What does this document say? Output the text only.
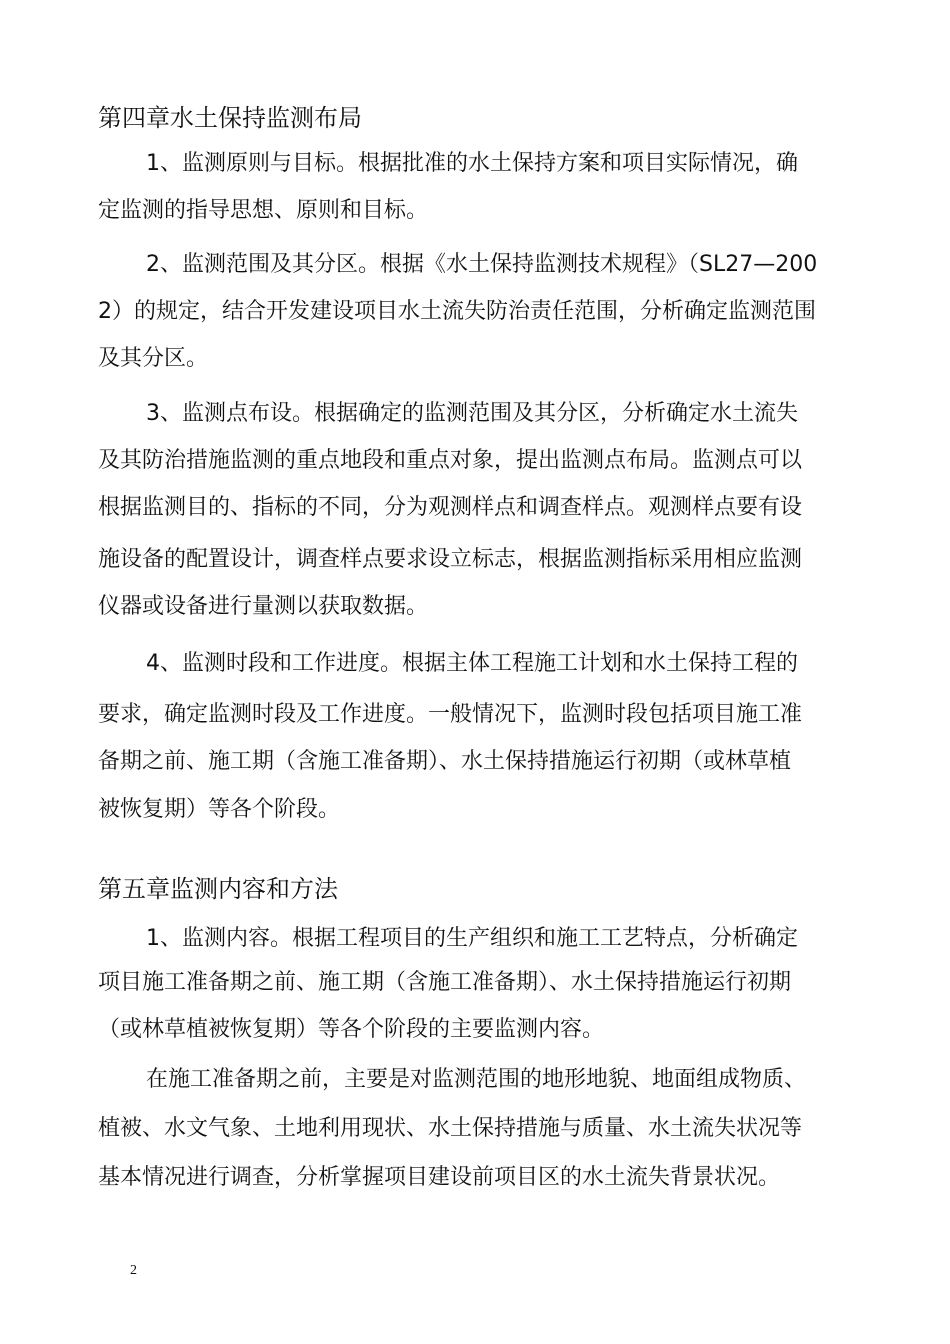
第四章水土保持监测布局
1、监测原则与目标。根据批准的水土保持方案和项目实际情况，确
定监测的指导思想、原则和目标。
2、监测范围及其分区。根据《水土保持监测技术规程》（SL27—200
2）的规定，结合开发建设项目水土流失防治责任范围，分析确定监测范围
及其分区。
3、监测点布设。根据确定的监测范围及其分区，分析确定水土流失
及其防治措施监测的重点地段和重点对象，提出监测点布局。监测点可以
根据监测目的、指标的不同，分为观测样点和调查样点。观测样点要有设
施设备的配置设计，调查样点要求设立标志，根据监测指标采用相应监测
仪器或设备进行量测以获取数据。
4、监测时段和工作进度。根据主体工程施工计划和水土保持工程的
要求，确定监测时段及工作进度。一般情况下，监测时段包括项目施工准
备期之前、施工期（含施工准备期）、水土保持措施运行初期（或林草植
被恢复期）等各个阶段。
第五章监测内容和方法
1、监测内容。根据工程项目的生产组织和施工工艺特点，分析确定
项目施工准备期之前、施工期（含施工准备期）、水土保持措施运行初期
（或林草植被恢复期）等各个阶段的主要监测内容。
在施工准备期之前，主要是对监测范围的地形地貌、地面组成物质、
植被、水文气象、土地利用现状、水土保持措施与质量、水土流失状况等
基本情况进行调查，分析掌握项目建设前项目区的水土流失背景状况。
2
